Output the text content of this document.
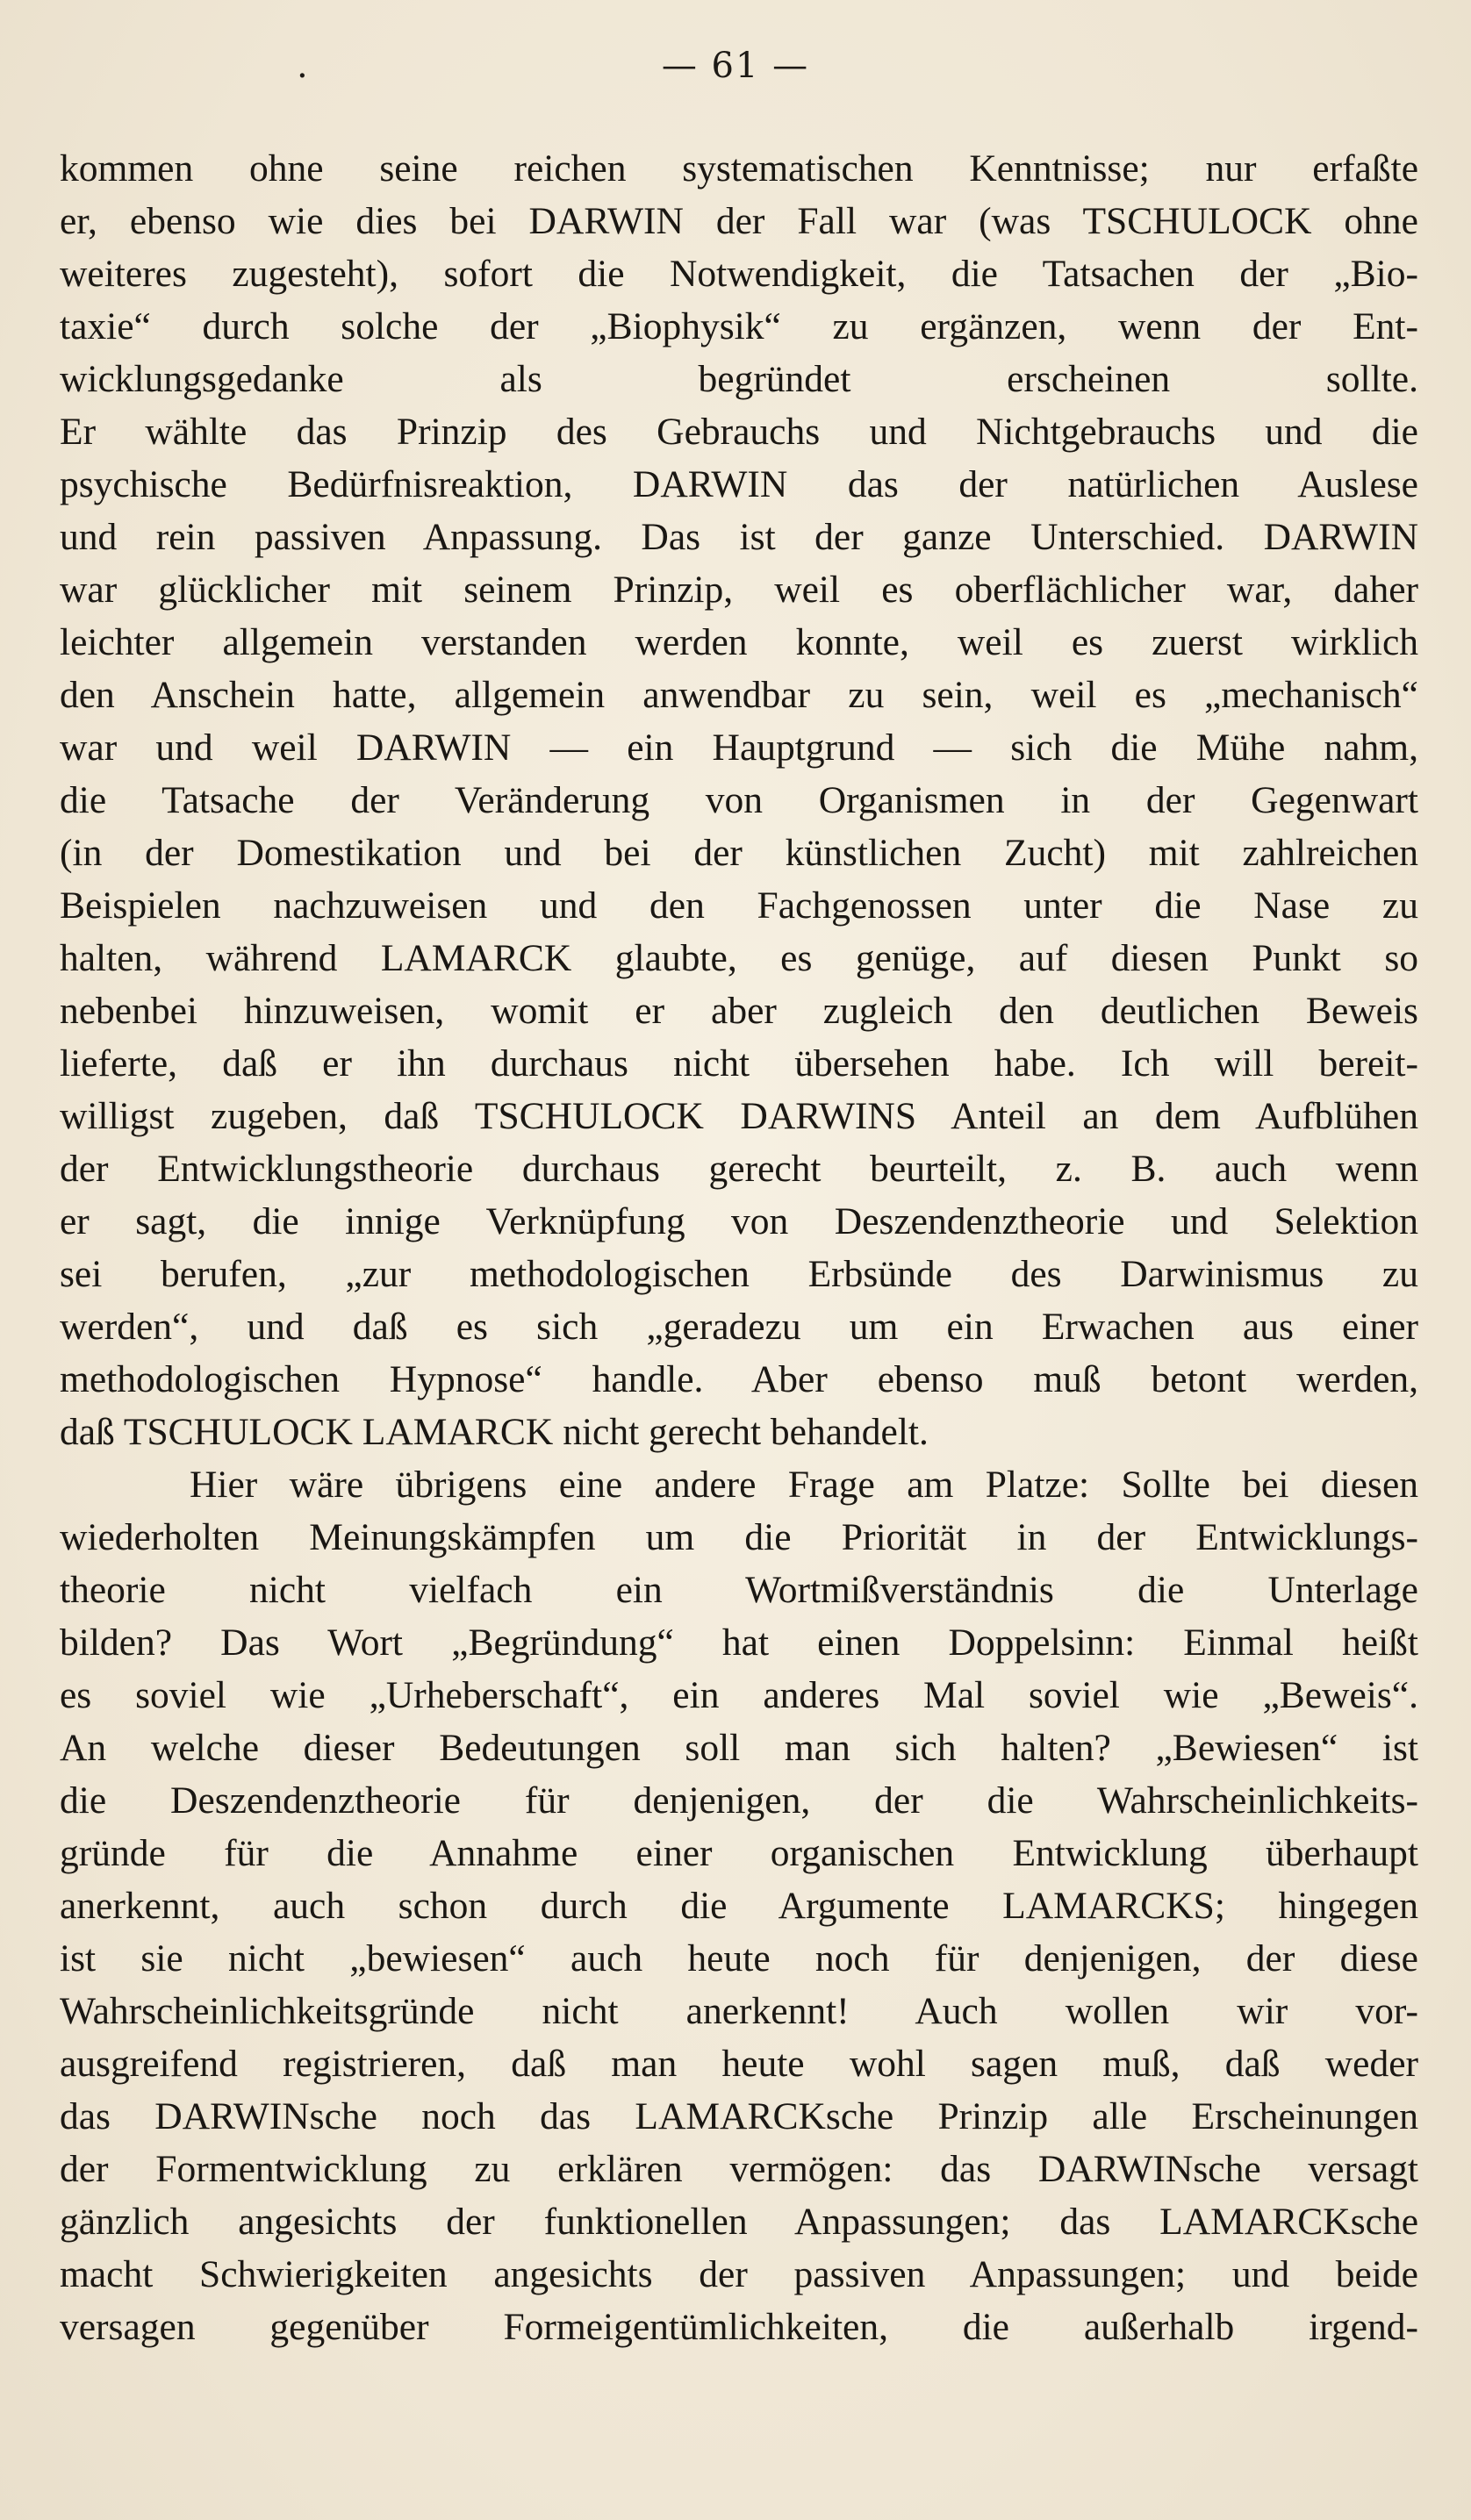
.	— 61 —
kommen ohne seine reichen systematischen Kenntnisse; nur erfaßte
er, ebenso wie dies bei DARWIN der Fall war (was TSCHULOCK ohne
weiteres zugesteht), sofort die Notwendigkeit, die Tatsachen der „Bio-
taxie“ durch solche der „Biophysik“ zu ergänzen, wenn der Ent-
wicklungsgedanke als begründet erscheinen sollte.
Er wählte das Prinzip des Gebrauchs und Nichtgebrauchs und die
psychische Bedürfnisreaktion, DARWIN das der natürlichen Auslese
und rein passiven Anpassung. Das ist der ganze Unterschied. DARWIN
war glücklicher mit seinem Prinzip, weil es oberflächlicher war, daher
leichter allgemein verstanden werden konnte, weil es zuerst wirklich
den Anschein hatte, allgemein anwendbar zu sein, weil es „mechanisch“
war und weil DARWIN — ein Hauptgrund — sich die Mühe nahm,
die Tatsache der Veränderung von Organismen in der Gegenwart
(in der Domestikation und bei der künstlichen Zucht) mit zahlreichen
Beispielen nachzuweisen und den Fachgenossen unter die Nase zu
halten, während LAMARCK glaubte, es genüge, auf diesen Punkt so
nebenbei hinzuweisen, womit er aber zugleich den deutlichen Beweis
lieferte, daß er ihn durchaus nicht übersehen habe. Ich will bereit-
willigst zugeben, daß TSCHULOCK DARWINS Anteil an dem Aufblühen
der Entwicklungstheorie durchaus gerecht beurteilt, z. B. auch wenn
er sagt, die innige Verknüpfung von Deszendenztheorie und Selektion
sei berufen, „zur methodologischen Erbsünde des Darwinismus zu
werden“, und daß es sich „geradezu um ein Erwachen aus einer
methodologischen Hypnose“ handle. Aber ebenso muß betont werden,
daß TSCHULOCK LAMARCK nicht gerecht behandelt.
Hier wäre übrigens eine andere Frage am Platze: Sollte bei diesen
wiederholten Meinungskämpfen um die Priorität in der Entwicklungs-
theorie nicht vielfach ein Wortmißverständnis die Unterlage
bilden? Das Wort „Begründung“ hat einen Doppelsinn: Einmal heißt
es soviel wie „Urheberschaft“, ein anderes Mal soviel wie „Beweis“.
An welche dieser Bedeutungen soll man sich halten? „Bewiesen“ ist
die Deszendenztheorie für denjenigen, der die Wahrscheinlichkeits-
gründe für die Annahme einer organischen Entwicklung überhaupt
anerkennt, auch schon durch die Argumente LAMARCKS; hingegen
ist sie nicht „bewiesen“ auch heute noch für denjenigen, der diese
Wahrscheinlichkeitsgründe nicht anerkennt! Auch wollen wir vor-
ausgreifend registrieren, daß man heute wohl sagen muß, daß weder
das DARWINsche noch das LAMARCKsche Prinzip alle Erscheinungen
der Formentwicklung zu erklären vermögen: das DARWINsche versagt
gänzlich angesichts der funktionellen Anpassungen; das LAMARCKsche
macht Schwierigkeiten angesichts der passiven Anpassungen; und beide
versagen gegenüber Formeigentümlichkeiten, die außerhalb irgend-
